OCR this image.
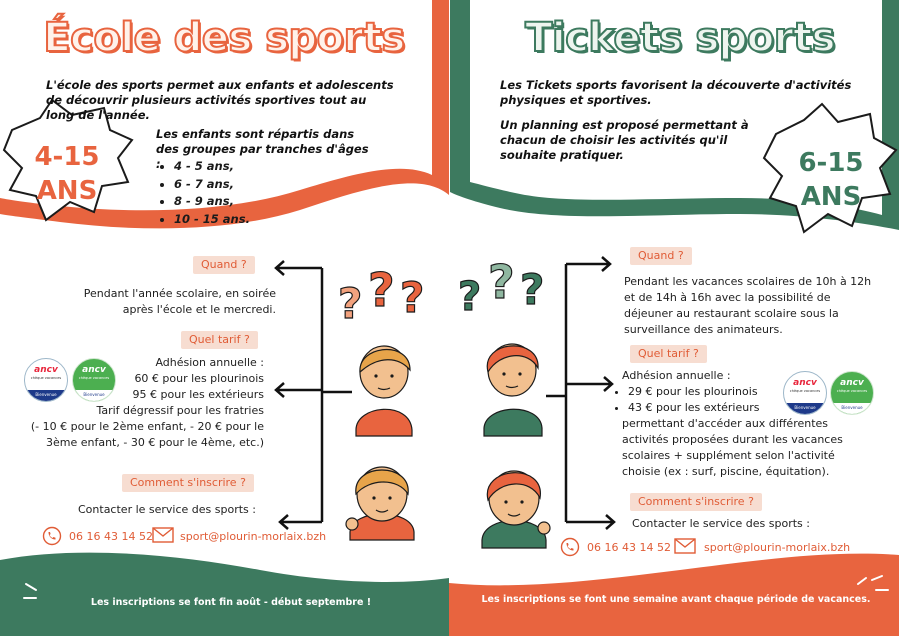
? ? ? ? ? ?
École des sports
L'école des sports permet aux enfants et adolescents de découvrir plusieurs activités sportives tout au long de l'année.
Les enfants sont répartis dans des groupes par tranches d'âges :
•	4 - 5 ans,
• 6 - 7 ans,
• 8 - 9 ans,
• 10 - 15 ans.
4-15
ANS
Quand ?
Pendant l'année scolaire, en soirée
après l'école et le mercredi.
Quel tarif ?
Adhésion annuelle :
60 € pour les plourinois
95 € pour les extérieurs
Tarif dégressif pour les fratries
(- 10 € pour le 2ème enfant, - 20 € pour le
3ème enfant, - 30 € pour le 4ème, etc.)
ancv
chèque vacances
Bienvenue
ancv
chèque vacances
Bienvenue
Comment s'inscrire ?
Contacter le service des sports :
06 16 43 14 52 sport@plourin-morlaix.bzh
Les inscriptions se font fin août - début septembre !
Tickets sports
Les Tickets sports favorisent la découverte d'activités physiques et sportives.
Un planning est proposé permettant à chacun de choisir les activités qu'il souhaite pratiquer.	6-15
ANS
Quand ?
Pendant les vacances scolaires de 10h à 12h
et de 14h à 16h avec la possibilité de
déjeuner au restaurant scolaire sous la
surveillance des animateurs.
Quel tarif ?
Adhésion annuelle :
• 29 € pour les plourinois
• 43 € pour les extérieurs
permettant d'accéder aux différentes
activités proposées durant les vacances
scolaires + supplément selon l'activité
choisie (ex : surf, piscine, équitation).
ancv
chèque vacances
Bienvenue
ancv
chèque vacances
Bienvenue
Comment s'inscrire ?
Contacter le service des sports :
06 16 43 14 52	sport@plourin-morlaix.bzh
Les inscriptions se font une semaine avant chaque période de vacances.
